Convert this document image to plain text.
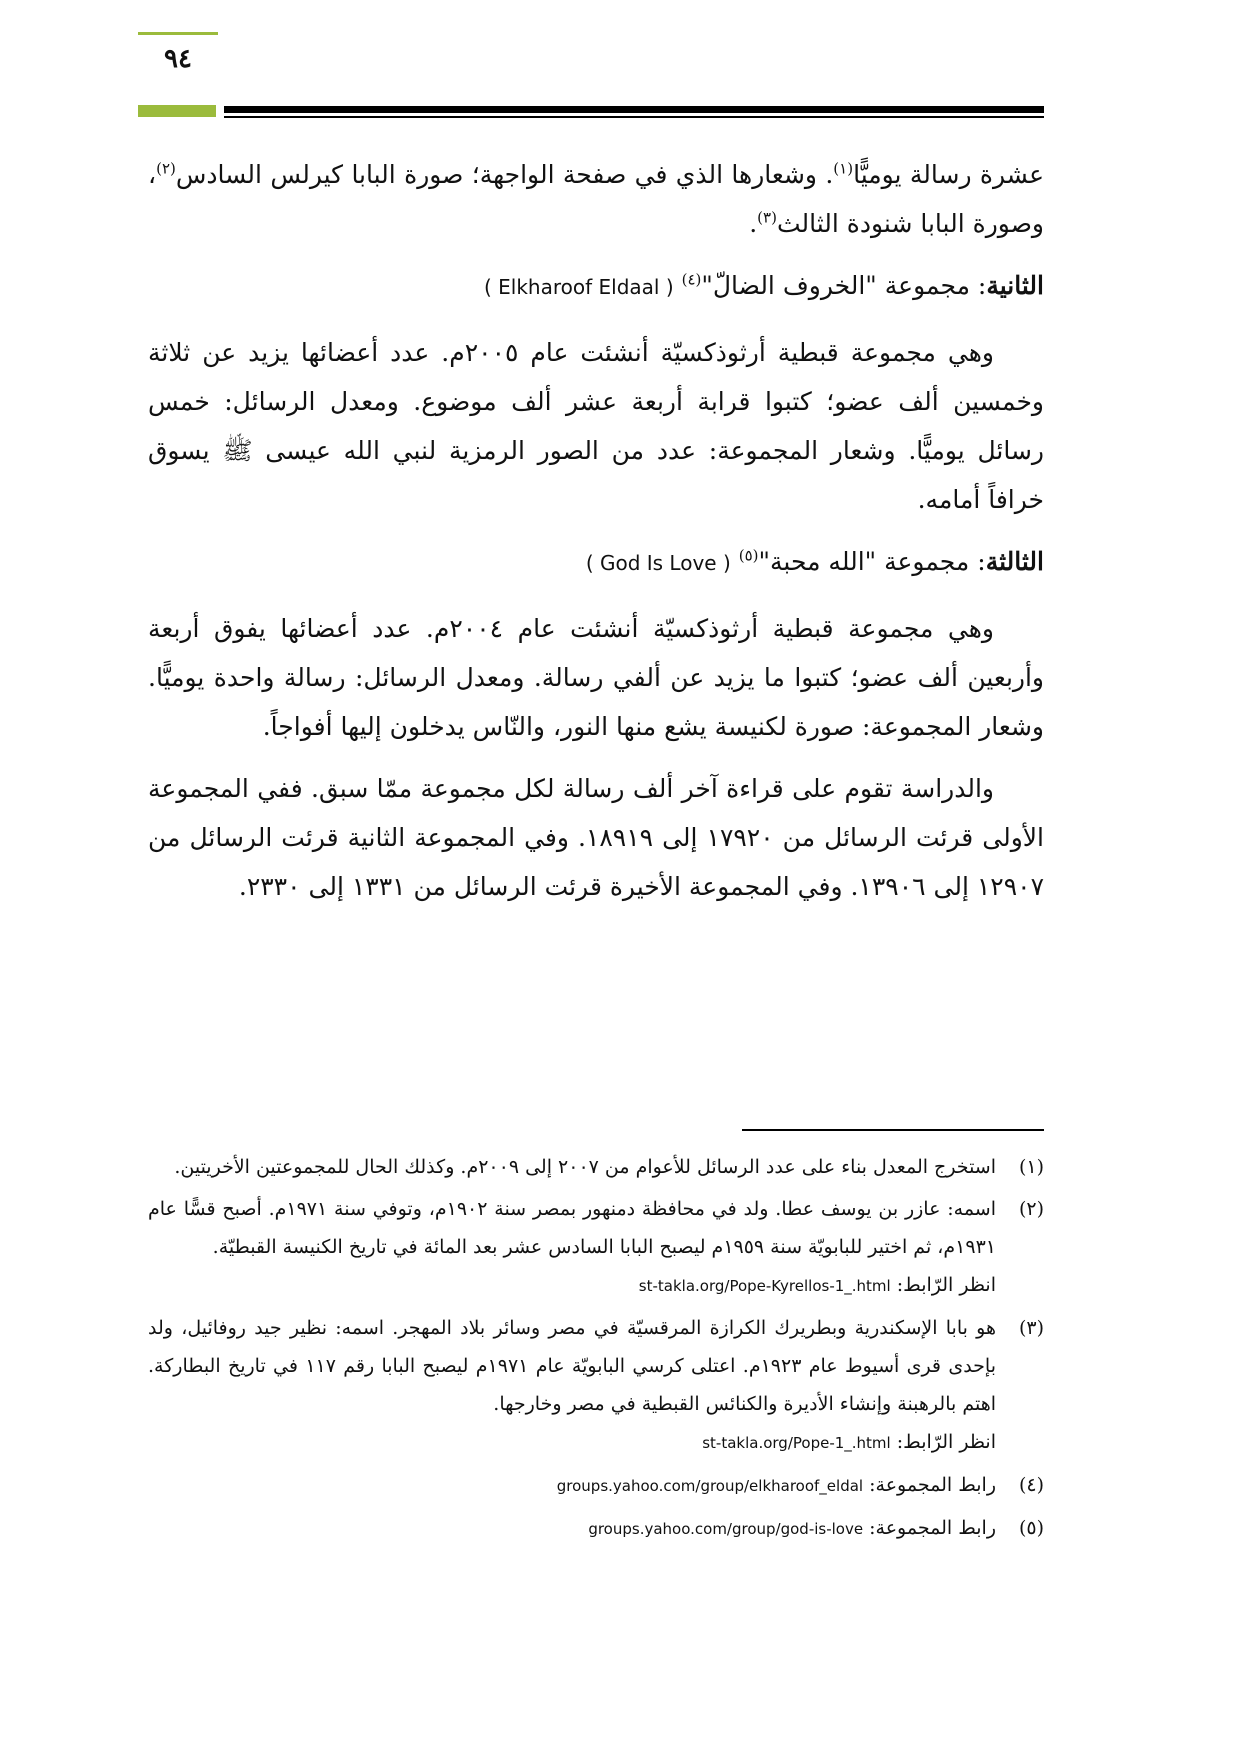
٩٤

عشرة رسالة يوميًّا$^{(١)}$. وشعارها الذي في صفحة الواجهة؛ صورة البابا كيرلس السادس$^{(٢)}$، وصورة البابا شنودة الثالث$^{(٣)}$.

الثانية: مجموعة "الخروف الضالّ"$^{(٤)}$ ( Elkharoof Eldaal )

وهي مجموعة قبطية أرثوذكسيّة أنشئت عام ٢٠٠٥م. عدد أعضائها يزيد عن ثلاثة وخمسين ألف عضو؛ كتبوا قرابة أربعة عشر ألف موضوع. ومعدل الرسائل: خمس رسائل يوميًّا. وشعار المجموعة: عدد من الصور الرمزية لنبي الله عيسى ﷺ يسوق خرافاً أمامه.

الثالثة: مجموعة "الله محبة"$^{(٥)}$ ( God Is Love )

وهي مجموعة قبطية أرثوذكسيّة أنشئت عام ٢٠٠٤م. عدد أعضائها يفوق أربعة وأربعين ألف عضو؛ كتبوا ما يزيد عن ألفي رسالة. ومعدل الرسائل: رسالة واحدة يوميًّا. وشعار المجموعة: صورة لكنيسة يشع منها النور، والنّاس يدخلون إليها أفواجاً.

والدراسة تقوم على قراءة آخر ألف رسالة لكل مجموعة ممّا سبق. ففي المجموعة الأولى قرئت الرسائل من ١٧٩٢٠ إلى ١٨٩١٩. وفي المجموعة الثانية قرئت الرسائل من ١٢٩٠٧ إلى ١٣٩٠٦. وفي المجموعة الأخيرة قرئت الرسائل من ١٣٣١ إلى ٢٣٣٠.

(١)
استخرج المعدل بناء على عدد الرسائل للأعوام من ٢٠٠٧ إلى ٢٠٠٩م. وكذلك الحال للمجموعتين الأخريتين.
(٢)
اسمه: عازر بن يوسف عطا. ولد في محافظة دمنهور بمصر سنة ١٩٠٢م، وتوفي سنة ١٩٧١م. أصبح قسًّا عام ١٩٣١م، ثم اختير للبابويّة سنة ١٩٥٩م ليصبح البابا السادس عشر بعد المائة في تاريخ الكنيسة القبطيّة.
انظر الرّابط: st-takla.org/Pope-Kyrellos-1_.html
(٣)
هو بابا الإسكندرية وبطريرك الكرازة المرقسيّة في مصر وسائر بلاد المهجر. اسمه: نظير جيد روفائيل، ولد بإحدى قرى أسيوط عام ١٩٢٣م. اعتلى كرسي البابويّة عام ١٩٧١م ليصبح البابا رقم ١١٧ في تاريخ البطاركة. اهتم بالرهبنة وإنشاء الأديرة والكنائس القبطية في مصر وخارجها.
انظر الرّابط: st-takla.org/Pope-1_.html
(٤)
رابط المجموعة: groups.yahoo.com/group/elkharoof_eldal
(٥)
رابط المجموعة: groups.yahoo.com/group/god-is-love
